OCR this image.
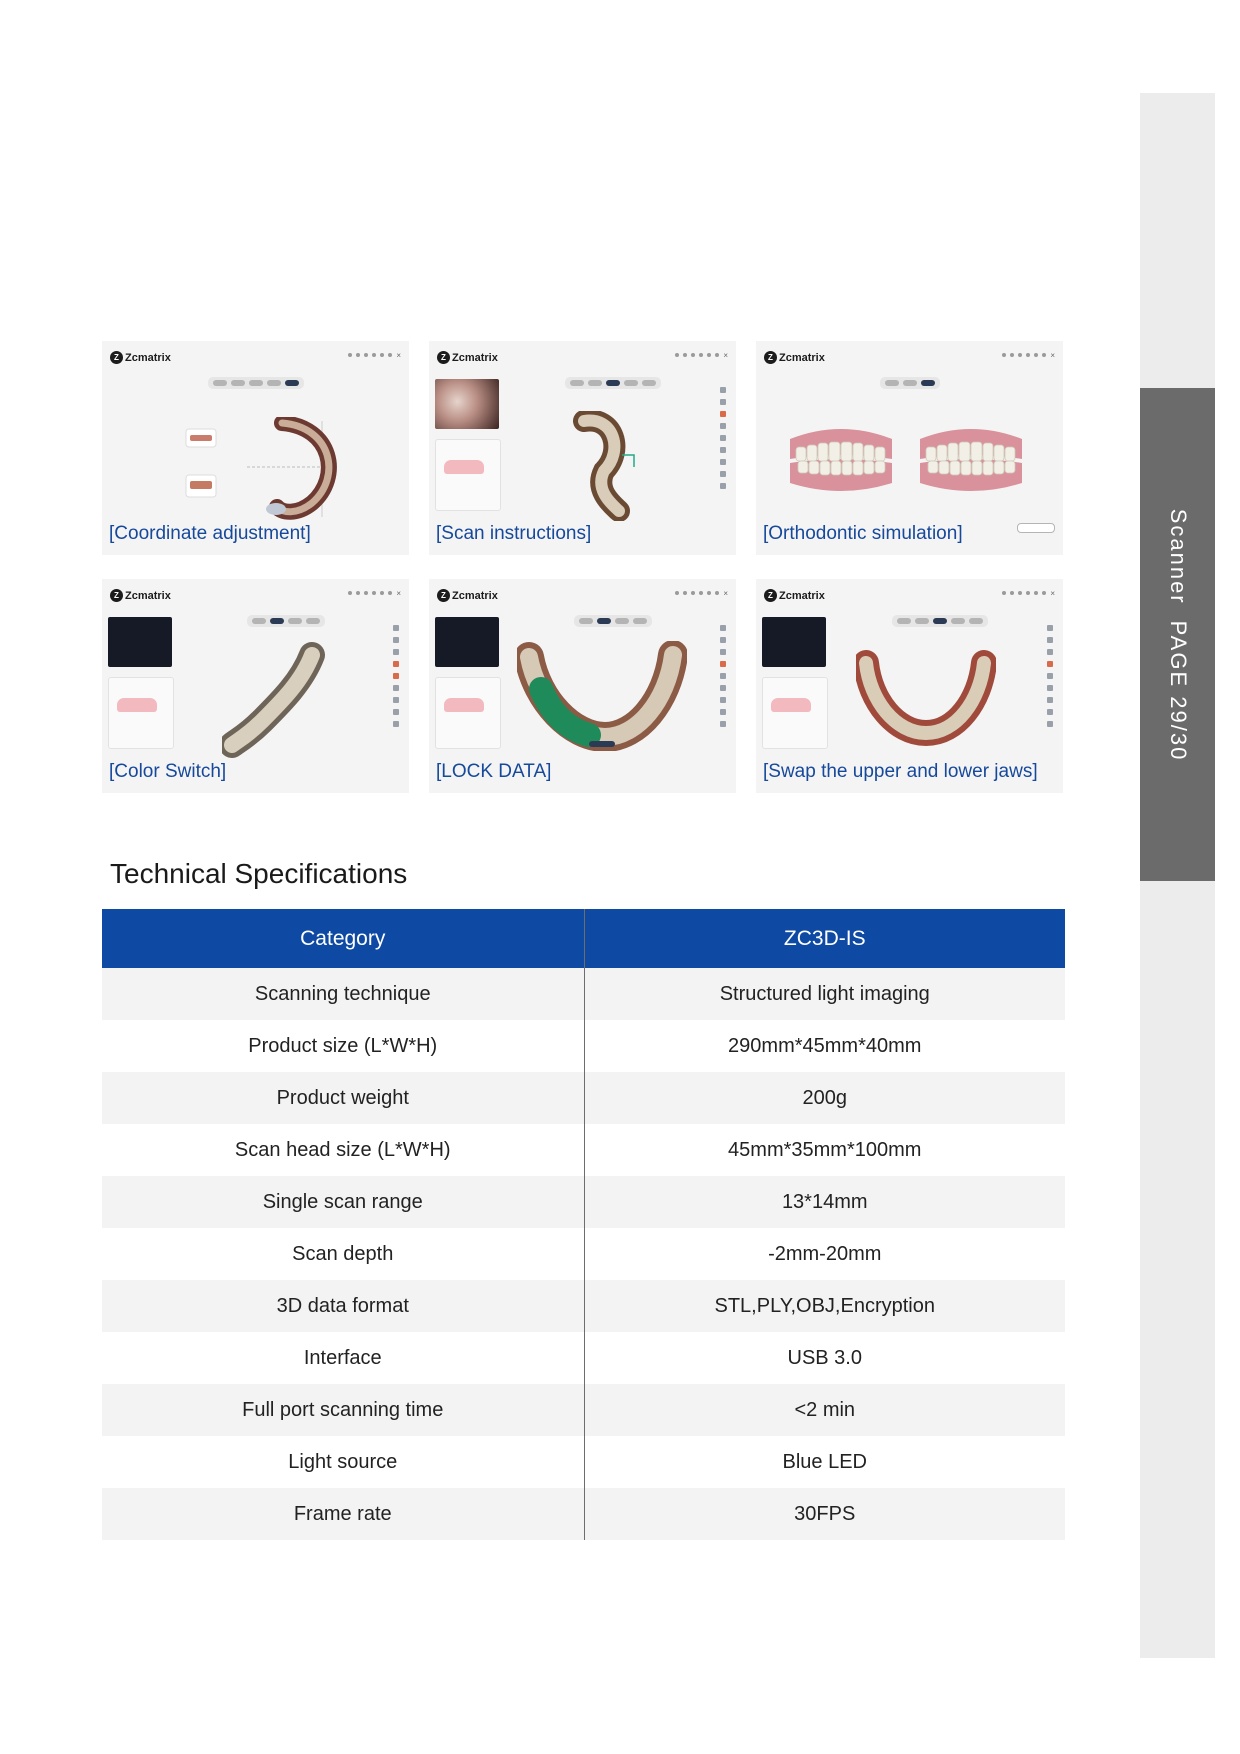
ScannerPAGE 29/30
Z Zcmatrix	×
[Coordinate adjustment]
Z Zcmatrix	×
[Scan instructions]
Z Zcmatrix	×
[Orthodontic simulation]
Z Zcmatrix	×
[Color Switch]
Z Zcmatrix	×
[LOCK DATA]
Z Zcmatrix	×
[Swap the upper and lower jaws]
Technical Specifications
Category	ZC3D-IS
Scanning technique	Structured light imaging
Product size (L*W*H)	290mm*45mm*40mm
Product weight	200g
Scan head size (L*W*H)	45mm*35mm*100mm
Single scan range	13*14mm
Scan depth	-2mm-20mm
3D data format	STL,PLY,OBJ,Encryption
Interface	USB 3.0
Full port scanning time	<2 min
Light source	Blue LED
Frame rate	30FPS
